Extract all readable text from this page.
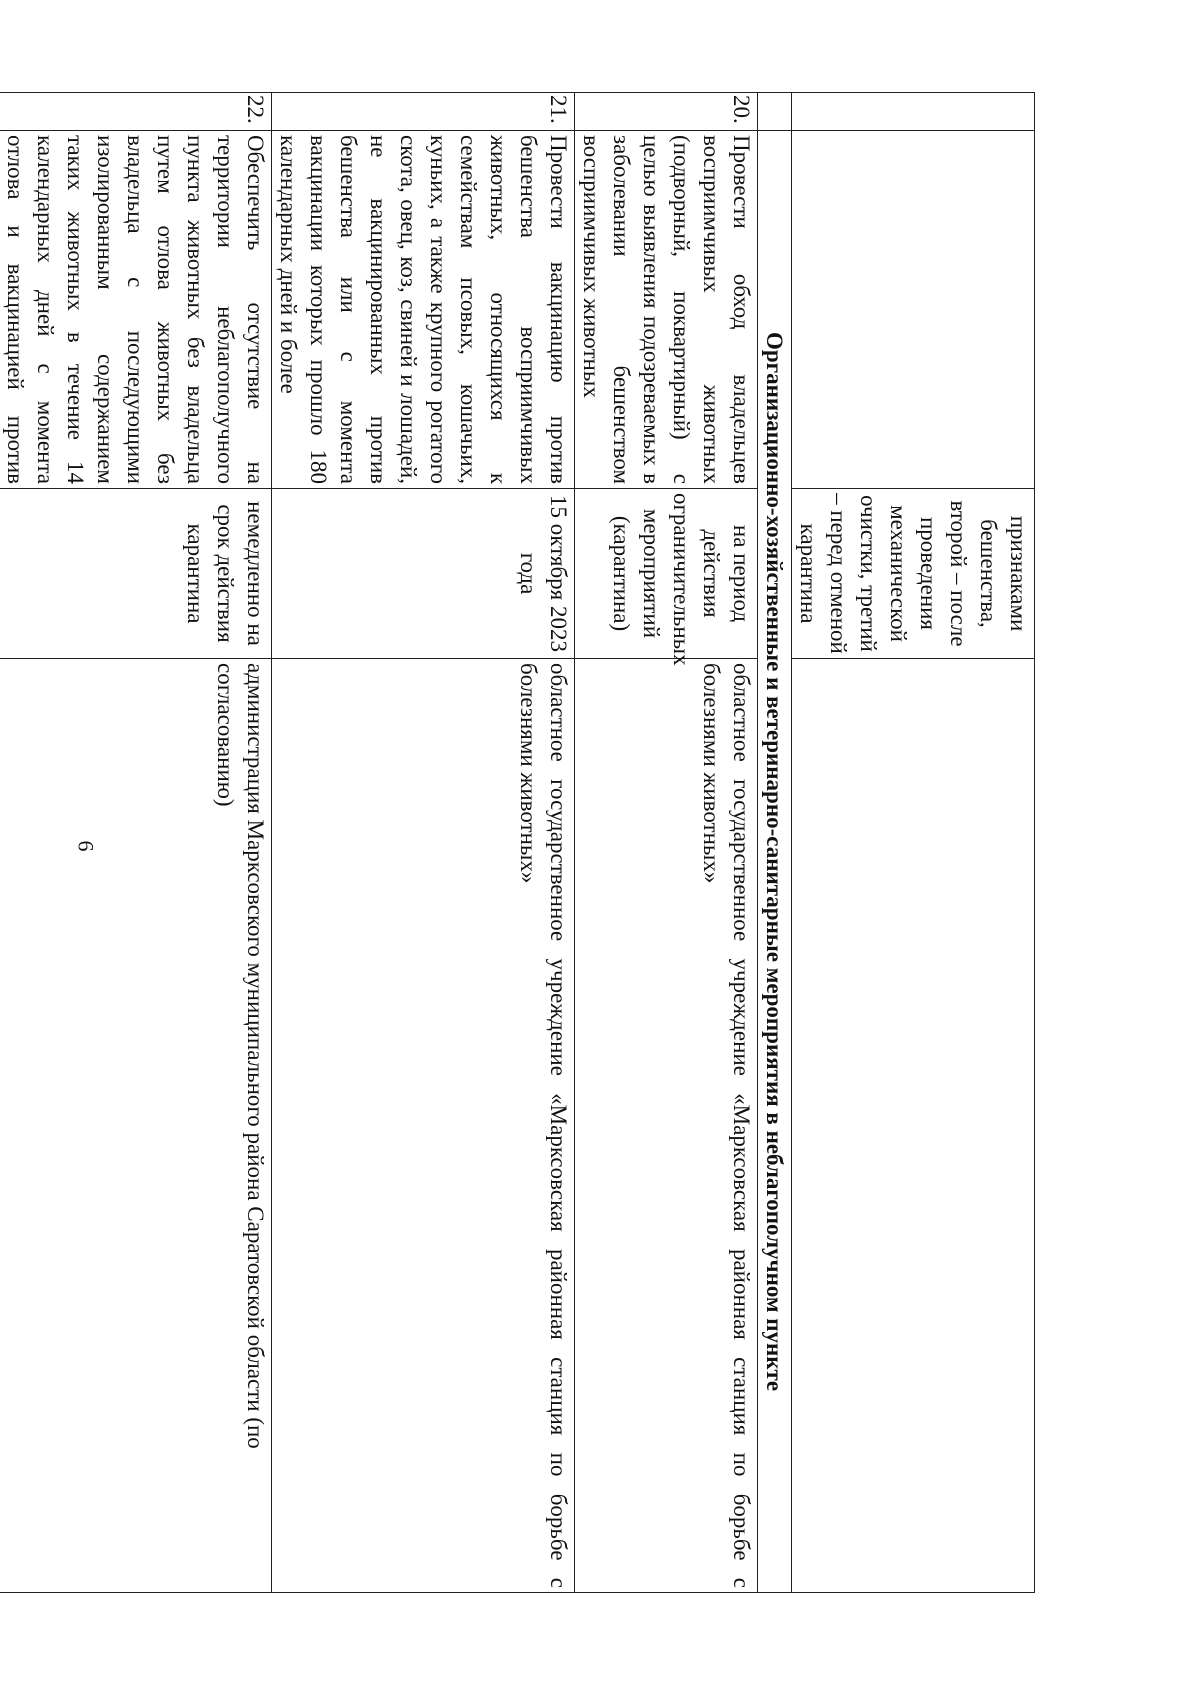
6
		признаками бешенства, второй – после проведения механической очистки, третий – перед отменой карантина	
	Организационно-хозяйственные и ветеринарно-санитарные мероприятия в неблагополучном пункте		
20.	Провести обход владельцев восприимчивых животных (подворный, поквартирный) с целью выявления подозреваемых в заболевании бешенством восприимчивых животных	на период действия ограничительных мероприятий (карантина)	областное государственное учреждение «Марксовская районная станция по борьбе с болезнями животных»
21.	Провести вакцинацию против бешенства восприимчивых животных, относящихся к семействам псовых, кошачьих, куньих, а также крупного рогатого скота, овец, коз, свиней и лошадей, не вакцинированных против бешенства или с момента вакцинации которых прошло 180 календарных дней и более	15 октября 2023 года	областное государственное учреждение «Марксовская районная станция по борьбе с болезнями животных»
22.	Обеспечить отсутствие на территории неблагополучного пункта животных без владельца путем отлова животных без владельца с последующими изолированным содержанием таких животных в течение 14 календарных дней с момента отлова и вакцинацией против	немедленно на срок действия карантина	администрация Марксовского муниципального района Саратовской области (по согласованию)
